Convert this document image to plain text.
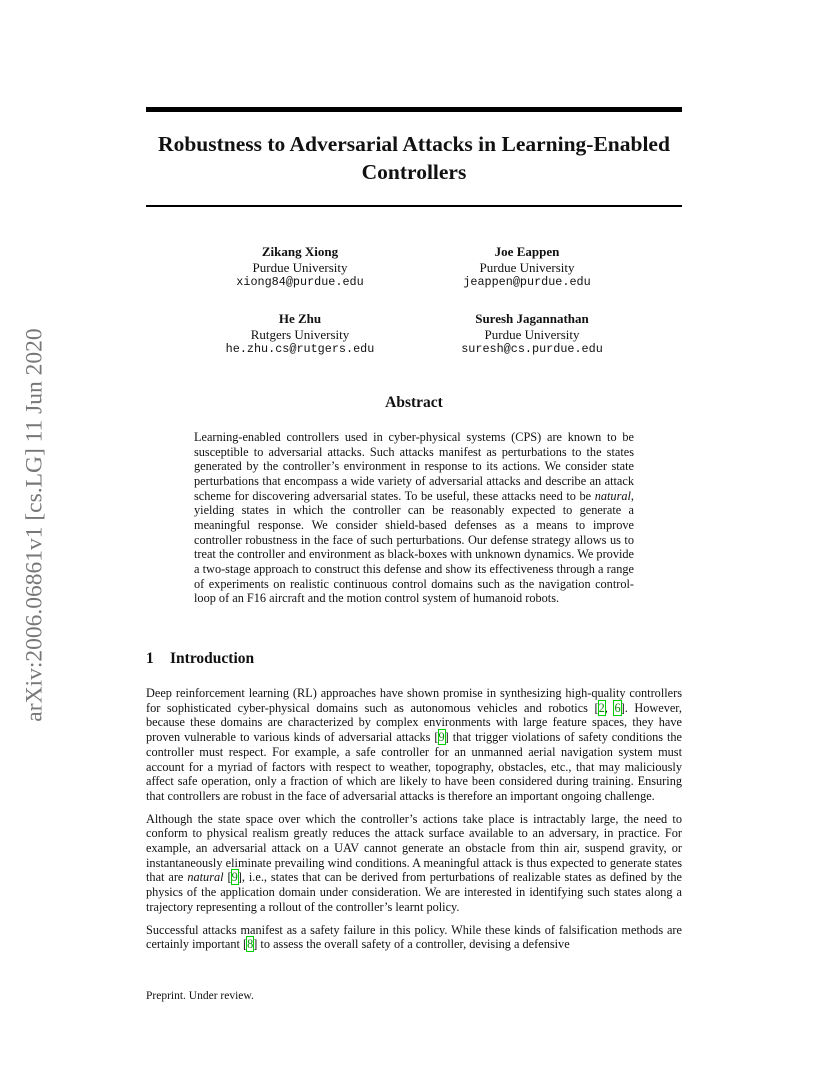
arXiv:2006.06861v1 [cs.LG] 11 Jun 2020
Robustness to Adversarial Attacks in Learning-Enabled Controllers
Zikang Xiong
Purdue University
xiong84@purdue.edu
Joe Eappen
Purdue University
jeappen@purdue.edu
He Zhu
Rutgers University
he.zhu.cs@rutgers.edu
Suresh Jagannathan
Purdue University
suresh@cs.purdue.edu
Abstract
Learning-enabled controllers used in cyber-physical systems (CPS) are known to be susceptible to adversarial attacks. Such attacks manifest as perturbations to the states generated by the controller’s environment in response to its actions. We consider state perturbations that encompass a wide variety of adversarial attacks and describe an attack scheme for discovering adversarial states. To be useful, these attacks need to be natural, yielding states in which the controller can be reasonably expected to generate a meaningful response. We consider shield-based defenses as a means to improve controller robustness in the face of such perturbations. Our defense strategy allows us to treat the controller and environment as black-boxes with unknown dynamics. We provide a two-stage approach to construct this defense and show its effectiveness through a range of experiments on realistic continuous control domains such as the navigation control-loop of an F16 aircraft and the motion control system of humanoid robots.
1 Introduction

Deep reinforcement learning (RL) approaches have shown promise in synthesizing high-quality controllers for sophisticated cyber-physical domains such as autonomous vehicles and robotics [2, 6]. However, because these domains are characterized by complex environments with large feature spaces, they have proven vulnerable to various kinds of adversarial attacks [9] that trigger violations of safety conditions the controller must respect. For example, a safe controller for an unmanned aerial navigation system must account for a myriad of factors with respect to weather, topography, obstacles, etc., that may maliciously affect safe operation, only a fraction of which are likely to have been considered during training. Ensuring that controllers are robust in the face of adversarial attacks is therefore an important ongoing challenge.

Although the state space over which the controller’s actions take place is intractably large, the need to conform to physical realism greatly reduces the attack surface available to an adversary, in practice. For example, an adversarial attack on a UAV cannot generate an obstacle from thin air, suspend gravity, or instantaneously eliminate prevailing wind conditions. A meaningful attack is thus expected to generate states that are natural [9], i.e., states that can be derived from perturbations of realizable states as defined by the physics of the application domain under consideration. We are interested in identifying such states along a trajectory representing a rollout of the controller’s learnt policy.

Successful attacks manifest as a safety failure in this policy. While these kinds of falsification methods are certainly important [8] to assess the overall safety of a controller, devising a defensive

Preprint. Under review.
